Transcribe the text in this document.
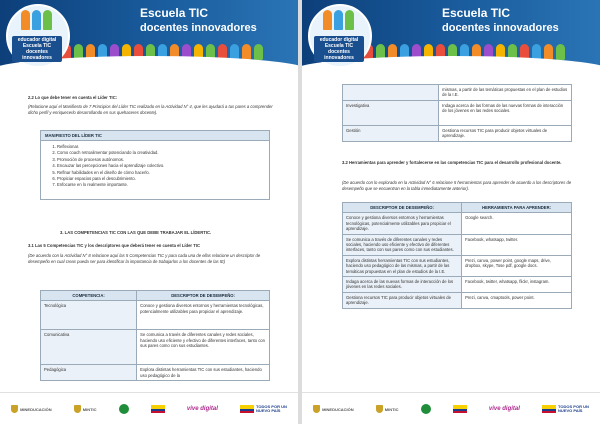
educador digital
Escuela TIC
docentes innovadores
Escuela TIC
docentes innovadores
2.2 Lo que debe tener en cuenta el Líder TIC:
(Relacione aquí el Manifiesto de 7 Principios del Líder TIC realizado en la Actividad N° 4, que les ayudará a tus pares a comprender dicho perfil y enriquecerlo desarrollando en sus quehaceres docente).
MANIFIESTO DEL LÍDER TIC
1. Reflexionar.
2. Como coach retroalimentar potenciando la creatividad.
3. Promoción de procesos autónomos.
4. Encauzar las percepciones hacia el aprendizaje colectivo.
5. Reflnar habilidades en el diseño de cómo hacerlo.
6. Propiciar espacios para el descubrimiento.
7. Enfocarse en lo realmente importante.
3. LAS COMPETENCIAS TIC CON LAS QUE DEBE TRABAJAR EL LÍDERTIC.
3.1 Las 5 Competencias TIC y los descriptores que deberá tener en cuenta el Líder TIC
(De acuerdo con la Actividad N° 8 relacione aquí las 5 Competencias TIC y para cada una de ellas relacione un descriptor de desempeño en cual creas pueda ser para identificar la importancia de trabajarlos a los docentes de las IE)
COMPETENCIA:	DESCRIPTOR DE DESEMPEÑO:
Tecnológica	Conoce y gestiona diversos entornos y herramientas tecnológicas, potencialmente utilizables para propiciar el aprendizaje.
Comunicativa	Se comunica a través de diferentes canales y redes sociales, haciendo uso eficiente y efectivo de diferentes interfaces, tanto con sus pares como con sus estudiantes.
Pedagógica	Explora distintas herramientas TIC con sus estudiantes, haciendo uso pedagógico de la
MINEDUCACIÓN	MINTIC	vive digital	TODOS POR UN
NUEVO PAÍS
educador digital
Escuela TIC
docentes innovadores
Escuela TIC
docentes innovadores
	mismas, a partir de las temáticas propuestas en el plan de estudios de la I.E.
Investigativa	Indaga acerca de las formas de las nuevas formas de interacción de los jóvenes en las redes sociales.
Gestión	Gestiona recursos TIC para producir objetos virtuales de aprendizaje.
3.2 Herramientas para aprender y fortalecerse en las competencias TIC para el desarrollo profesional docente.
(De acuerdo con lo explorado en la Actividad N° 6 relacione 5 herramientas para aprender de acuerdo a los descriptores de desempeño que se encuentran en la tabla inmediatamente anterior).
DESCRIPTOR DE DESEMPEÑO:	HERRAMIENTA PARA APRENDER:
Conoce y gestiona diversos entornos y herramientas tecnológicas, potencialmente utilizables para propiciar el aprendizaje.	Google search.
Se comunica a través de diferentes canales y redes sociales, haciendo uso eficiente y efectivo de diferentes interfaces, tanto con sus pares como con sus estudiantes.	Facebook, whatsapp, twitter.
Explora distintas herramientas TIC con sus estudiantes, haciendo uso pedagógico de las mismas, a partir de las temáticas propuestas en el plan de estudios de la I.E.	Prezi, canva, power point, google maps, drive, dropbox, skype, Tose pdf, google docs.
Indaga acerca de las nuevas formas de interacción de los jóvenes en las redes sociales.	Facebook, twitter, whatsapp, flickr, instagram.
Gestiona recursos TIC para producir objetos virtuales de aprendizaje.	Prezi, canva, cmaptools, power point.
MINEDUCACIÓN	MINTIC	vive digital	TODOS POR UN
NUEVO PAÍS
